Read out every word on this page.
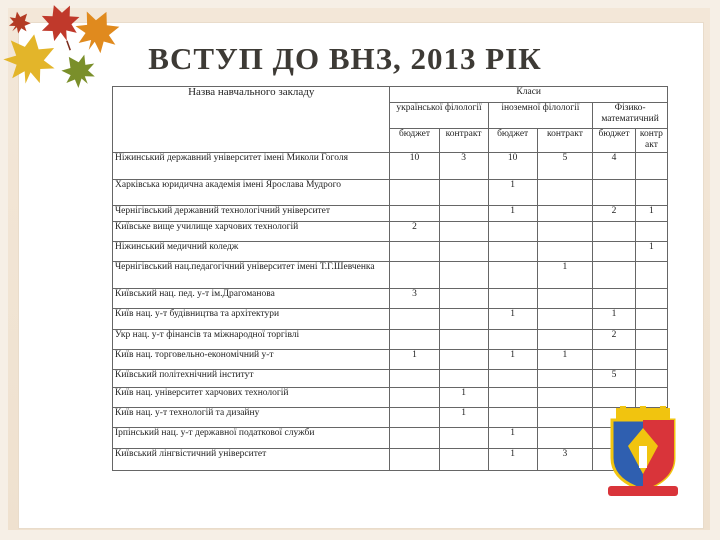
ВСТУП ДО ВНЗ, 2013 РІК
Назва навчального закладу	Класи					
	української філології		іноземної філології		Фізико-математичний	
	бюджет	контракт	бюджет	контракт	бюджет	контр акт
Ніжинський державний університет імені Миколи Гоголя	10	3	10	5	4	
Харківська юридична академія імені Ярослава Мудрого			1			
Чернігівський державний технологічний університет			1		2	1
Київське вище училище харчових технологій	2					
Ніжинський медичний коледж						1
Чернігівський нац.педагогічний університет імені Т.Г.Шевченка				1		
Київський нац. пед. у-т ім.Драгоманова	3					
Київ нац. у-т будівництва та архітектури			1		1	
Укр нац. у-т фінансів та міжнародної торгівлі					2	
Київ нац. торговельно-економічний у-т	1		1	1		
Київський політехнічний інститут					5	
Київ нац. університет харчових технологій		1				
Київ нац. у-т технологій та дизайну		1				
Ірпінський нац. у-т державної податкової служби			1			
Київський лінгвістичний університет			1	3		
